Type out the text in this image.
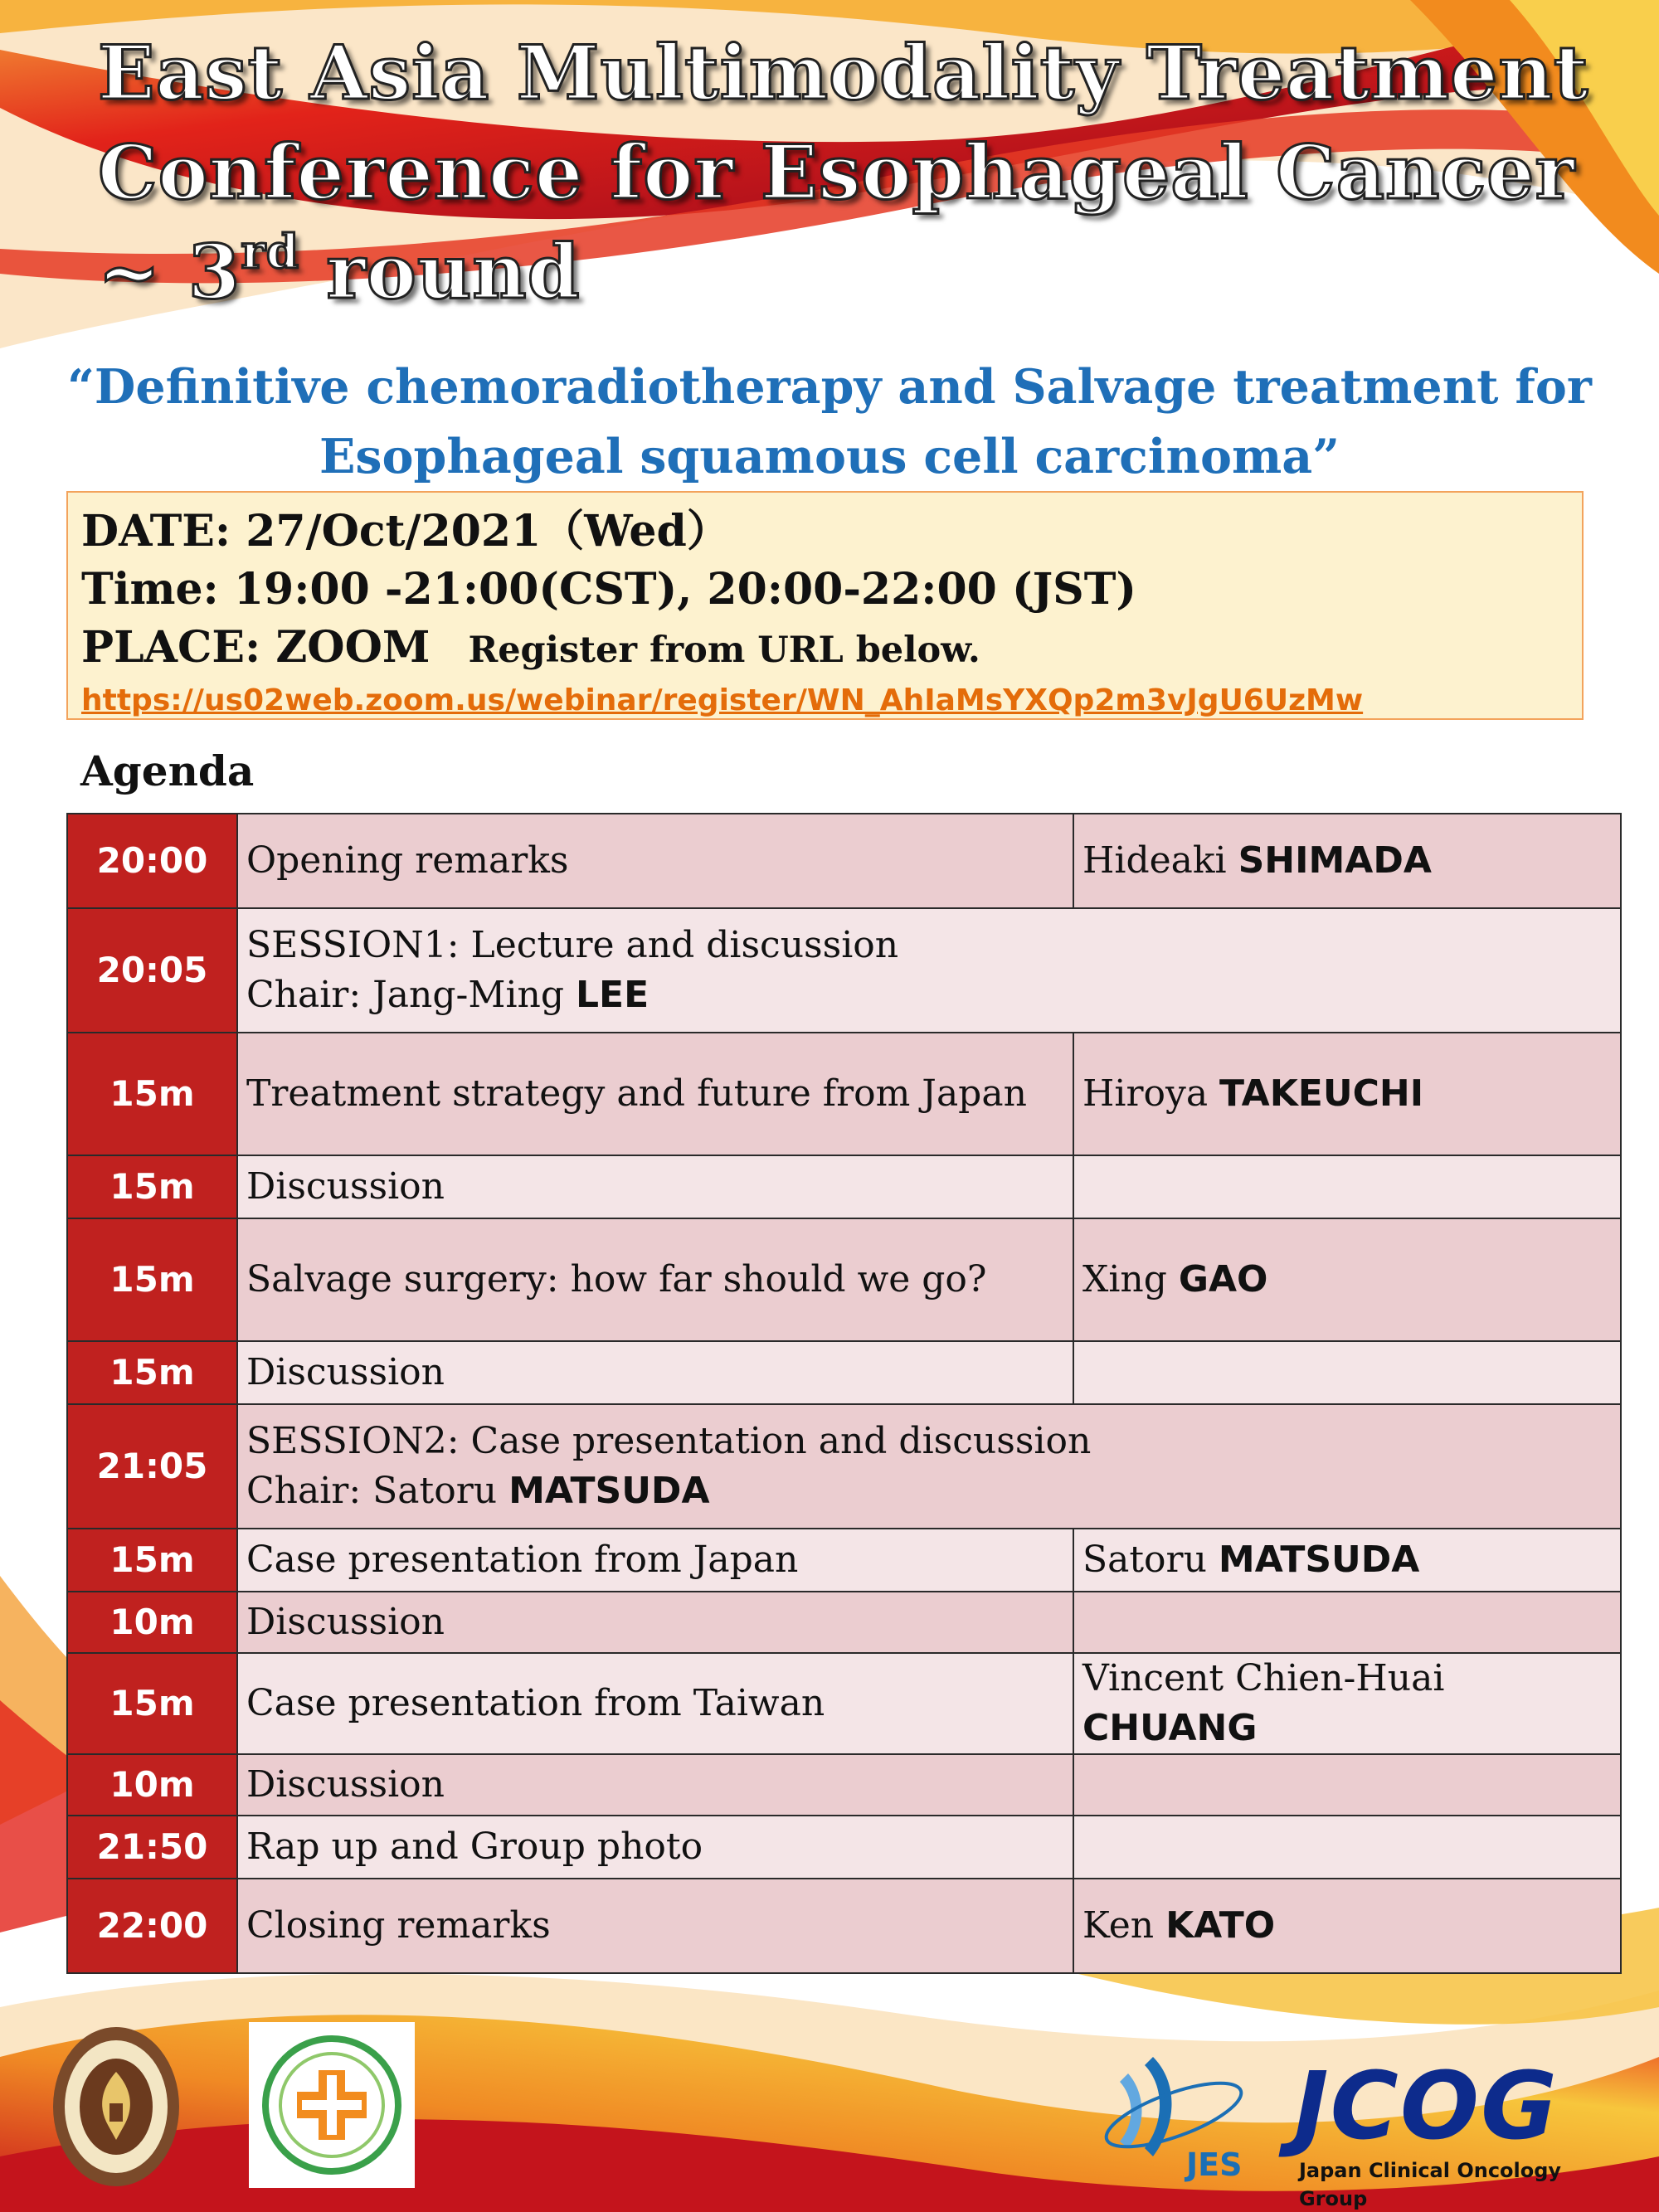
East Asia Multimodality Treatment
Conference for Esophageal Cancer
~ 3rd round
“Definitive chemoradiotherapy and Salvage treatment for
Esophageal squamous cell carcinoma”
DATE: 27/Oct/2021（Wed）
Time: 19:00 -21:00(CST), 20:00-22:00 (JST)
PLACE: ZOOM Register from URL below.
https://us02web.zoom.us/webinar/register/WN_AhIaMsYXQp2m3vJgU6UzMw
Agenda
20:00	Opening remarks	Hideaki SHIMADA
20:05	SESSION1: Lecture and discussion
Chair: Jang-Ming LEE	

15m	Treatment strategy and future from Japan	Hiroya TAKEUCHI
15m	Discussion	
15m	Salvage surgery: how far should we go?	Xing GAO
15m	Discussion	
21:05	SESSION2: Case presentation and discussion
Chair: Satoru MATSUDA	

15m	Case presentation from Japan	Satoru MATSUDA
10m	Discussion	
15m	Case presentation from Taiwan	Vincent Chien-Huai
CHUANG

10m	Discussion	
21:50	Rap up and Group photo	
22:00	Closing remarks	Ken KATO
JES
JCOG
Japan Clinical Oncology Group
